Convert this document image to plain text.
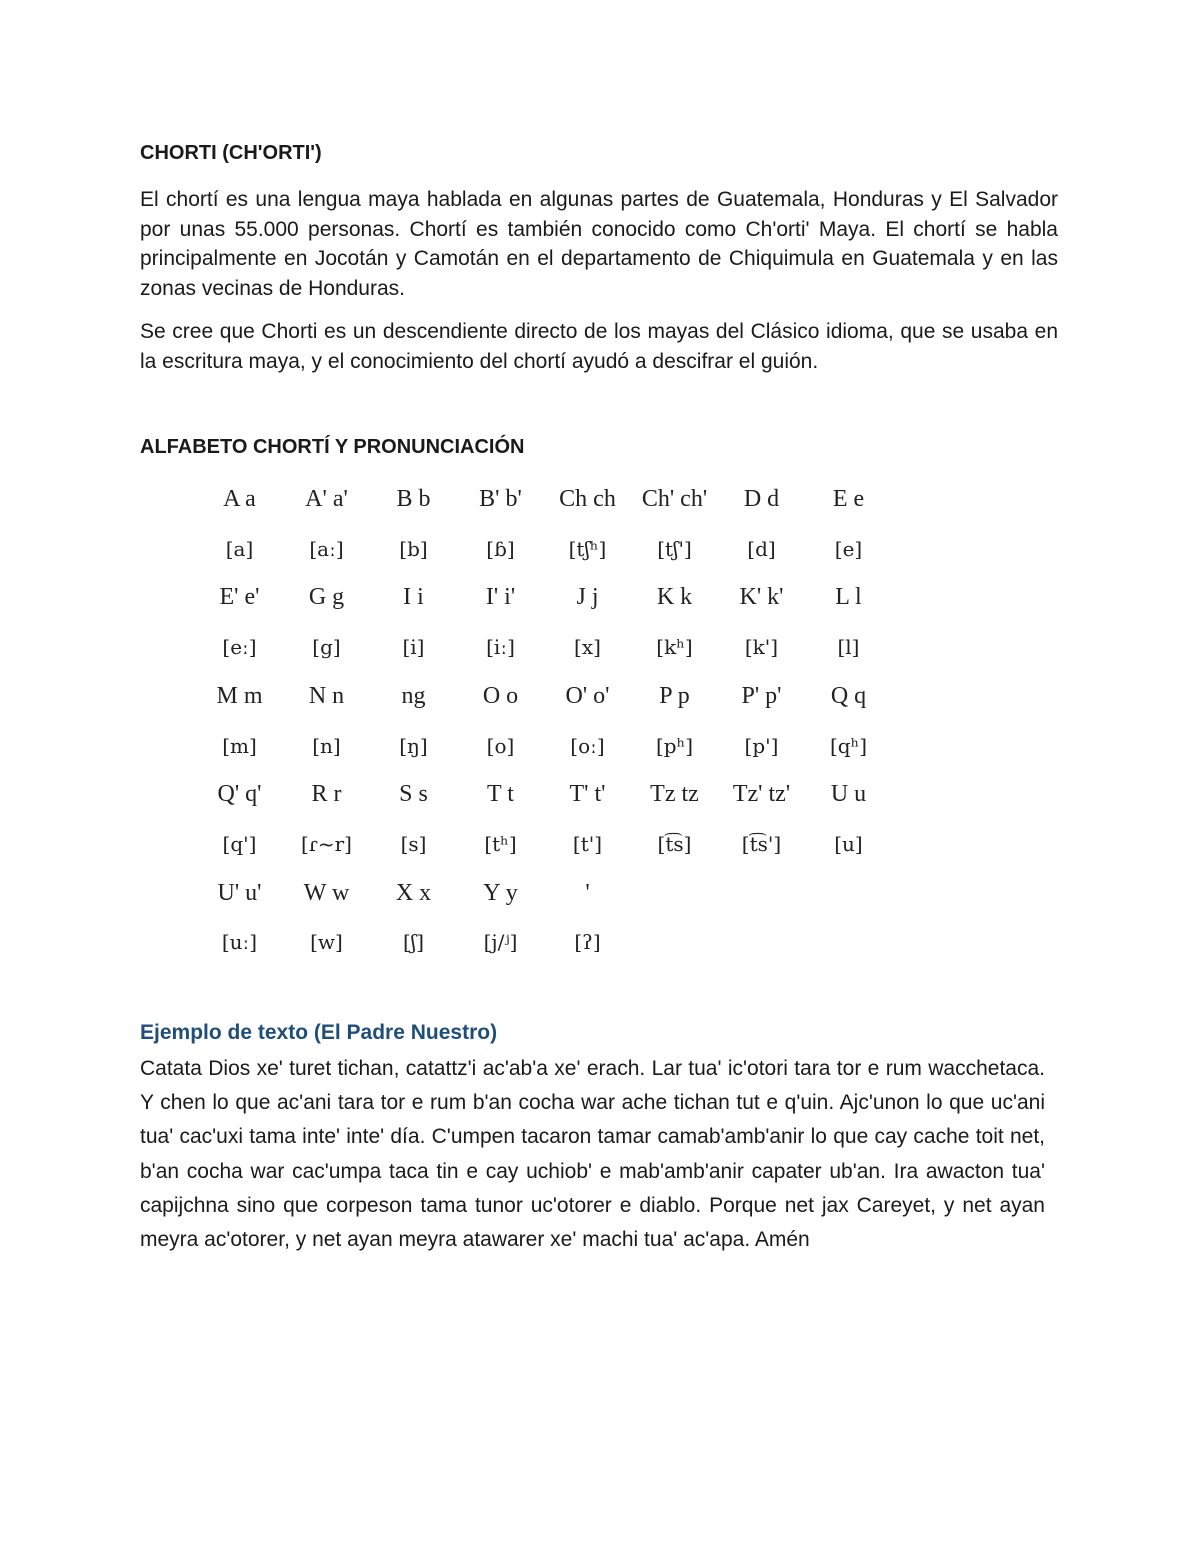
CHORTI (CH'ORTI')

El chortí es una lengua maya hablada en algunas partes de Guatemala, Honduras y El Salvador por unas 55.000 personas. Chortí es también conocido como Ch'orti' Maya. El chortí se habla principalmente en Jocotán y Camotán en el departamento de Chiquimula en Guatemala y en las zonas vecinas de Honduras.

Se cree que Chorti es un descendiente directo de los mayas del Clásico idioma, que se usaba en la escritura maya, y el conocimiento del chortí ayudó a descifrar el guión.

ALFABETO CHORTÍ Y PRONUNCIACIÓN
A a	A' a'	B b	B' b'	Ch ch	Ch' ch'	D d	E e
[a]	[aː]	[b]	[ɓ]	[tʃʰ]	[tʃ']	[d]	[e]
E' e'	G g	I i	I' i'	J j	K k	K' k'	L l
[eː]	[g]	[i]	[iː]	[x]	[kʰ]	[k']	[l]
M m	N n	ng	O o	O' o'	P p	P' p'	Q q
[m]	[n]	[ŋ]	[o]	[oː]	[pʰ]	[p']	[qʰ]
Q' q'	R r	S s	T t	T' t'	Tz tz	Tz' tz'	U u
[q']	[ɾ~r]	[s]	[tʰ]	[t']	[t͡s]	[t͡s']	[u]
U' u'	W w	X x	Y y	'
[uː]	[w]	[ʃ]	[j/ʲ]	[ʔ]
Ejemplo de texto (El Padre Nuestro)

Catata Dios xe' turet tichan, catattz'i ac'ab'a xe' erach. Lar tua' ic'otori tara tor e rum wacchetaca. Y chen lo que ac'ani tara tor e rum b'an cocha war ache tichan tut e q'uin. Ajc'unon lo que uc'ani tua' cac'uxi tama inte' inte' día. C'umpen tacaron tamar camab'amb'anir lo que cay cache toit net, b'an cocha war cac'umpa taca tin e cay uchiob' e mab'amb'anir capater ub'an. Ira awacton tua' capijchna sino que corpeson tama tunor uc'otorer e diablo. Porque net jax Careyet, y net ayan meyra ac'otorer, y net ayan meyra atawarer xe' machi tua' ac'apa. Amén
